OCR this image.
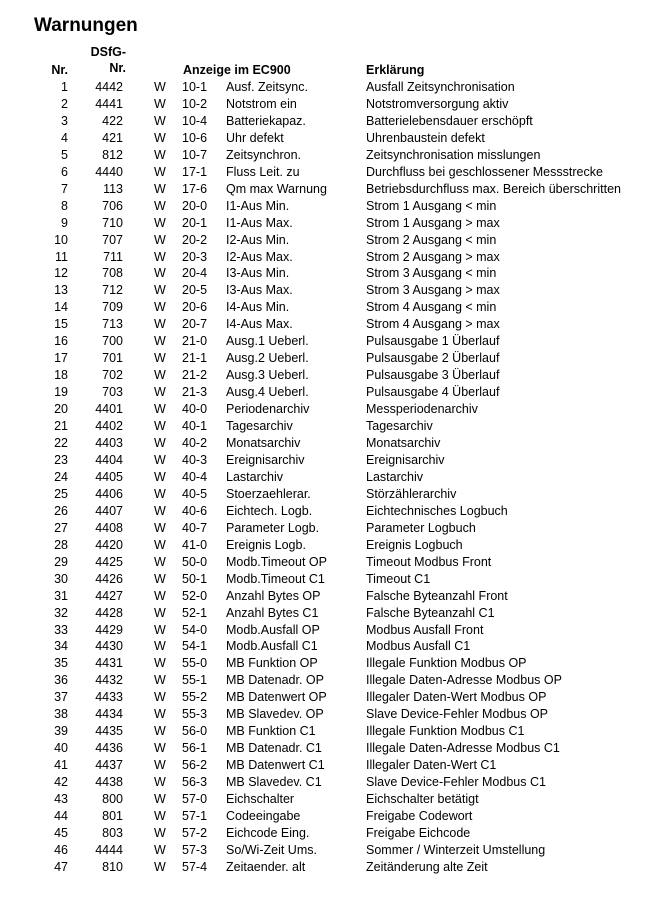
Warnungen
Nr.
DSfG-
Nr.	Anzeige im EC900	Erklärung
1	4442 W 10-1 Ausf. Zeitsync.	Ausfall Zeitsynchronisation
2	4441 W 10-2 Notstrom ein	Notstromversorgung aktiv
3	422 W 10-4 Batteriekapaz.	Batterielebensdauer erschöpft
4	421 W 10-6 Uhr defekt	Uhrenbaustein defekt
5	812 W 10-7 Zeitsynchron.	Zeitsynchronisation misslungen
6	4440 W 17-1 Fluss Leit. zu	Durchfluss bei geschlossener Messstrecke
7	113 W 17-6 Qm max Warnung	Betriebsdurchfluss max. Bereich überschritten
8	706 W 20-0 I1-Aus Min.	Strom 1 Ausgang < min
9	710 W 20-1 I1-Aus Max.	Strom 1 Ausgang > max
10	707 W 20-2 I2-Aus Min.	Strom 2 Ausgang < min
11	711 W 20-3 I2-Aus Max.	Strom 2 Ausgang > max
12	708 W 20-4 I3-Aus Min.	Strom 3 Ausgang < min
13	712 W 20-5 I3-Aus Max.	Strom 3 Ausgang > max
14	709 W 20-6 I4-Aus Min.	Strom 4 Ausgang < min
15	713 W 20-7 I4-Aus Max.	Strom 4 Ausgang > max
16	700 W 21-0 Ausg.1 Ueberl.	Pulsausgabe 1 Überlauf
17	701 W 21-1 Ausg.2 Ueberl.	Pulsausgabe 2 Überlauf
18	702 W 21-2 Ausg.3 Ueberl.	Pulsausgabe 3 Überlauf
19	703 W 21-3 Ausg.4 Ueberl.	Pulsausgabe 4 Überlauf
20	4401 W 40-0 Periodenarchiv	Messperiodenarchiv
21	4402 W 40-1 Tagesarchiv	Tagesarchiv
22	4403 W 40-2 Monatsarchiv	Monatsarchiv
23	4404 W 40-3 Ereignisarchiv	Ereignisarchiv
24	4405 W 40-4 Lastarchiv	Lastarchiv
25	4406 W 40-5 Stoerzaehlerar.	Störzählerarchiv
26	4407 W 40-6 Eichtech. Logb.	Eichtechnisches Logbuch
27	4408 W 40-7 Parameter Logb.	Parameter Logbuch
28	4420 W 41-0 Ereignis Logb.	Ereignis Logbuch
29	4425 W 50-0 Modb.Timeout OP	Timeout Modbus Front
30	4426 W 50-1 Modb.Timeout C1	Timeout C1
31	4427 W 52-0 Anzahl Bytes OP	Falsche Byteanzahl Front
32	4428 W 52-1 Anzahl Bytes C1	Falsche Byteanzahl C1
33	4429 W 54-0 Modb.Ausfall OP	Modbus Ausfall Front
34	4430 W 54-1 Modb.Ausfall C1	Modbus Ausfall C1
35	4431 W 55-0 MB Funktion OP	Illegale Funktion Modbus OP
36	4432 W 55-1 MB Datenadr. OP	Illegale Daten-Adresse Modbus OP
37	4433 W 55-2 MB Datenwert OP	Illegaler Daten-Wert Modbus OP
38	4434 W 55-3 MB Slavedev. OP	Slave Device-Fehler Modbus OP
39	4435 W 56-0 MB Funktion C1	Illegale Funktion Modbus C1
40	4436 W 56-1 MB Datenadr. C1	Illegale Daten-Adresse Modbus C1
41	4437 W 56-2 MB Datenwert C1	Illegaler Daten-Wert C1
42	4438 W 56-3 MB Slavedev. C1	Slave Device-Fehler Modbus C1
43	800 W 57-0 Eichschalter	Eichschalter betätigt
44	801 W 57-1 Codeeingabe	Freigabe Codewort
45	803 W 57-2 Eichcode Eing.	Freigabe Eichcode
46	4444 W 57-3 So/Wi-Zeit Ums.	Sommer / Winterzeit Umstellung
47	810 W 57-4 Zeitaender. alt	Zeitänderung alte Zeit
